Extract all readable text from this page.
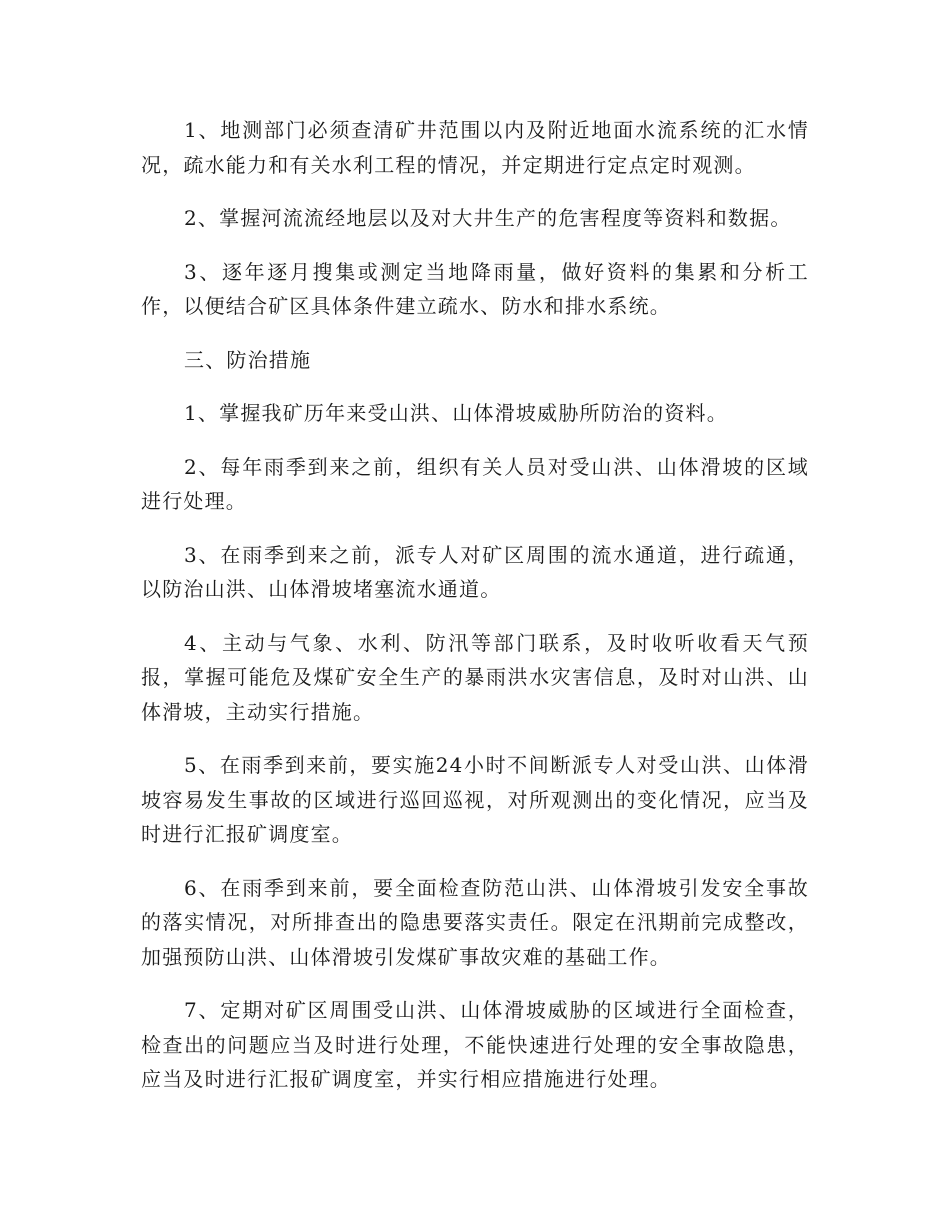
1、地测部门必须查清矿井范围以内及附近地面水流系统的汇水情况，疏水能力和有关水利工程的情况，并定期进行定点定时观测。

2、掌握河流流经地层以及对大井生产的危害程度等资料和数据。

3、逐年逐月搜集或测定当地降雨量，做好资料的集累和分析工作，以便结合矿区具体条件建立疏水、防水和排水系统。

三、防治措施

1、掌握我矿历年来受山洪、山体滑坡威胁所防治的资料。

2、每年雨季到来之前，组织有关人员对受山洪、山体滑坡的区域进行处理。

3、在雨季到来之前，派专人对矿区周围的流水通道，进行疏通，以防治山洪、山体滑坡堵塞流水通道。

4、主动与气象、水利、防汛等部门联系，及时收听收看天气预报，掌握可能危及煤矿安全生产的暴雨洪水灾害信息，及时对山洪、山体滑坡，主动实行措施。

5、在雨季到来前，要实施24小时不间断派专人对受山洪、山体滑坡容易发生事故的区域进行巡回巡视，对所观测出的变化情况，应当及时进行汇报矿调度室。

6、在雨季到来前，要全面检查防范山洪、山体滑坡引发安全事故的落实情况，对所排查出的隐患要落实责任。限定在汛期前完成整改，加强预防山洪、山体滑坡引发煤矿事故灾难的基础工作。

7、定期对矿区周围受山洪、山体滑坡威胁的区域进行全面检查，检查出的问题应当及时进行处理，不能快速进行处理的安全事故隐患，应当及时进行汇报矿调度室，并实行相应措施进行处理。
